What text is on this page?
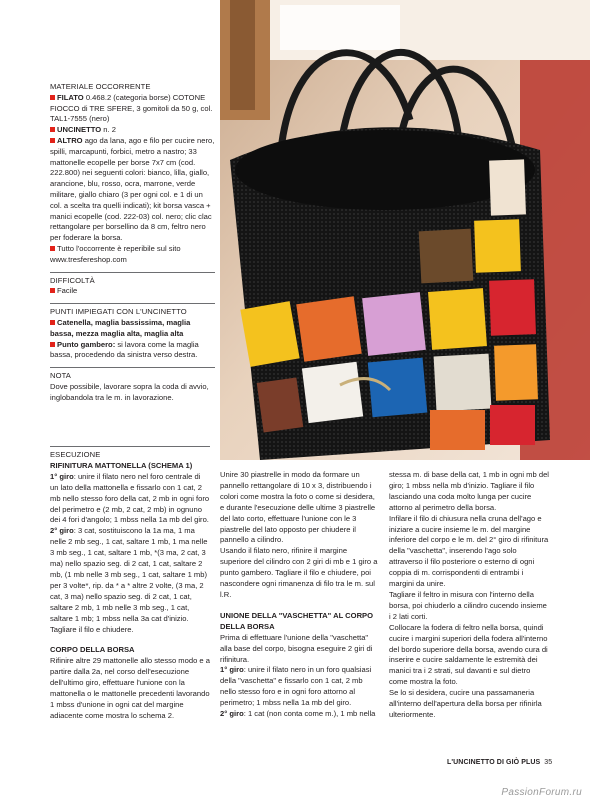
MATERIALE OCCORRENTE

FILATO 0.468.2 (categoria borse) COTONE FIOCCO di TRE SFERE, 3 gomitoli da 50 g, col. TAL1-7555 (nero)

UNCINETTO n. 2

ALTRO ago da lana, ago e filo per cucire nero, spilli, marcapunti, forbici, metro a nastro; 33 mattonelle ecopelle per borse 7x7 cm (cod. 222.800) nei seguenti colori: bianco, lilla, giallo, arancione, blu, rosso, ocra, marrone, verde militare, giallo chiaro (3 per ogni col. e 1 di un col. a scelta tra quelli indicati); kit borsa vasca + manici ecopelle (cod. 222-03) col. nero; clic clac rettangolare per borsellino da 8 cm, feltro nero per foderare la borsa.

Tutto l'occorrente è reperibile sul sito www.tresfereshop.com

DIFFICOLTÀ

Facile

PUNTI IMPIEGATI CON L'UNCINETTO

Catenella, maglia bassissima, maglia bassa, mezza maglia alta, maglia alta

Punto gambero: si lavora come la maglia bassa, procedendo da sinistra verso destra.

NOTA

Dove possibile, lavorare sopra la coda di avvio, inglobandola tra le m. in lavorazione.

ESECUZIONE
RIFINITURA MATTONELLA (SCHEMA 1)

1° giro: unire il filato nero nel foro centrale di un lato della mattonella e fissarlo con 1 cat, 2 mb nello stesso foro della cat, 2 mb in ogni foro del perimetro e (2 mb, 2 cat, 2 mb) in ognuno dei 4 fori d'angolo; 1 mbss nella 1a mb del giro.

2° giro: 3 cat, sostituiscono la 1a ma, 1 ma nelle 2 mb seg., 1 cat, saltare 1 mb, 1 ma nelle 3 mb seg., 1 cat, saltare 1 mb, *(3 ma, 2 cat, 3 ma) nello spazio seg. di 2 cat, 1 cat, saltare 2 mb, (1 mb nelle 3 mb seg., 1 cat, saltare 1 mb) per 3 volte*, rip. da * a * altre 2 volte, (3 ma, 2 cat, 3 ma) nello spazio seg. di 2 cat, 1 cat, saltare 2 mb, 1 mb nelle 3 mb seg., 1 cat, saltare 1 mb; 1 mbss nella 3a cat d'inizio. Tagliare il filo e chiudere.

CORPO DELLA BORSA

Rifinire altre 29 mattonelle allo stesso modo e a partire dalla 2a, nel corso dell'esecuzione dell'ultimo giro, effettuare l'unione con la mattonella o le mattonelle precedenti lavorando 1 mbss d'unione in ogni cat del margine adiacente come mostra lo schema 2.

Unire 30 piastrelle in modo da formare un pannello rettangolare di 10 x 3, distribuendo i colori come mostra la foto o come si desidera, e durante l'esecuzione delle ultime 3 piastrelle del lato corto, effettuare l'unione con le 3 piastrelle del lato opposto per chiudere il pannello a cilindro.

Usando il filato nero, rifinire il margine superiore del cilindro con 2 giri di mb e 1 giro a punto gambero. Tagliare il filo e chiudere, poi nascondere ogni rimanenza di filo tra le m. sul l.R.

UNIONE DELLA "VASCHETTA" AL CORPO DELLA BORSA

Prima di effettuare l'unione della "vaschetta" alla base del corpo, bisogna eseguire 2 giri di rifinitura.

1° giro: unire il filato nero in un foro qualsiasi della "vaschetta" e fissarlo con 1 cat, 2 mb nello stesso foro e in ogni foro attorno al perimetro; 1 mbss nella 1a mb del giro.

2° giro: 1 cat (non conta come m.), 1 mb nella

stessa m. di base della cat, 1 mb in ogni mb del giro; 1 mbss nella mb d'inizio. Tagliare il filo lasciando una coda molto lunga per cucire attorno al perimetro della borsa.

Infilare il filo di chiusura nella cruna dell'ago e iniziare a cucire insieme le m. del margine inferiore del corpo e le m. del 2° giro di rifinitura della "vaschetta", inserendo l'ago solo attraverso il filo posteriore o esterno di ogni coppia di m. corrispondenti di entrambi i margini da unire.

Tagliare il feltro in misura con l'interno della borsa, poi chiuderlo a cilindro cucendo insieme i 2 lati corti.

Collocare la fodera di feltro nella borsa, quindi cucire i margini superiori della fodera all'interno del bordo superiore della borsa, avendo cura di inserire e cucire saldamente le estremità dei manici tra i 2 strati, sul davanti e sul dietro come mostra la foto.

Se lo si desidera, cucire una passamaneria all'interno dell'apertura della borsa per rifinirla ulteriormente.

L'UNCINETTO DI GIÒ PLUS 35
PassionForum.ru
